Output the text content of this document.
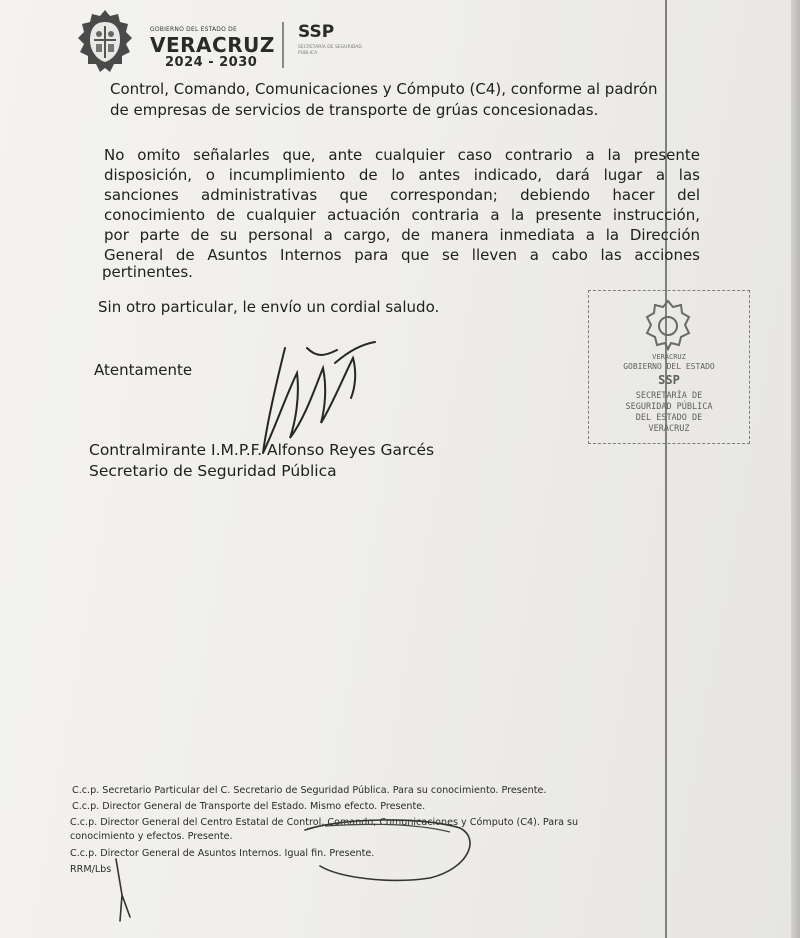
GOBIERNO DEL ESTADO DE
VERACRUZ
2024 - 2030
SSP
SECRETARÍA DE SEGURIDAD PÚBLICA
Control, Comando, Comunicaciones y Cómputo (C4), conforme al padrón
de empresas de servicios de transporte de grúas concesionadas.
No omito señalarles que, ante cualquier caso contrario a la presente
disposición, o incumplimiento de lo antes indicado, dará lugar a las
sanciones administrativas que correspondan; debiendo hacer del
conocimiento de cualquier actuación contraria a la presente instrucción,
por parte de su personal a cargo, de manera inmediata a la Dirección
General de Asuntos Internos para que se lleven a cabo las acciones
pertinentes.
Sin otro particular, le envío un cordial saludo.
Atentamente
Contralmirante I.M.P.F. Alfonso Reyes Garcés
Secretario de Seguridad Pública
VERACRUZ
GOBIERNO DEL ESTADO
SSP
SECRETARÍA DE
SEGURIDAD PÚBLICA
DEL ESTADO DE
VERACRUZ
C.c.p. Secretario Particular del C. Secretario de Seguridad Pública. Para su conocimiento. Presente.
C.c.p. Director General de Transporte del Estado. Mismo efecto. Presente.
C.c.p. Director General del Centro Estatal de Control, Comando, Comunicaciones y Cómputo (C4). Para su
conocimiento y efectos. Presente.
C.c.p. Director General de Asuntos Internos. Igual fin. Presente.
RRM/Lbs
